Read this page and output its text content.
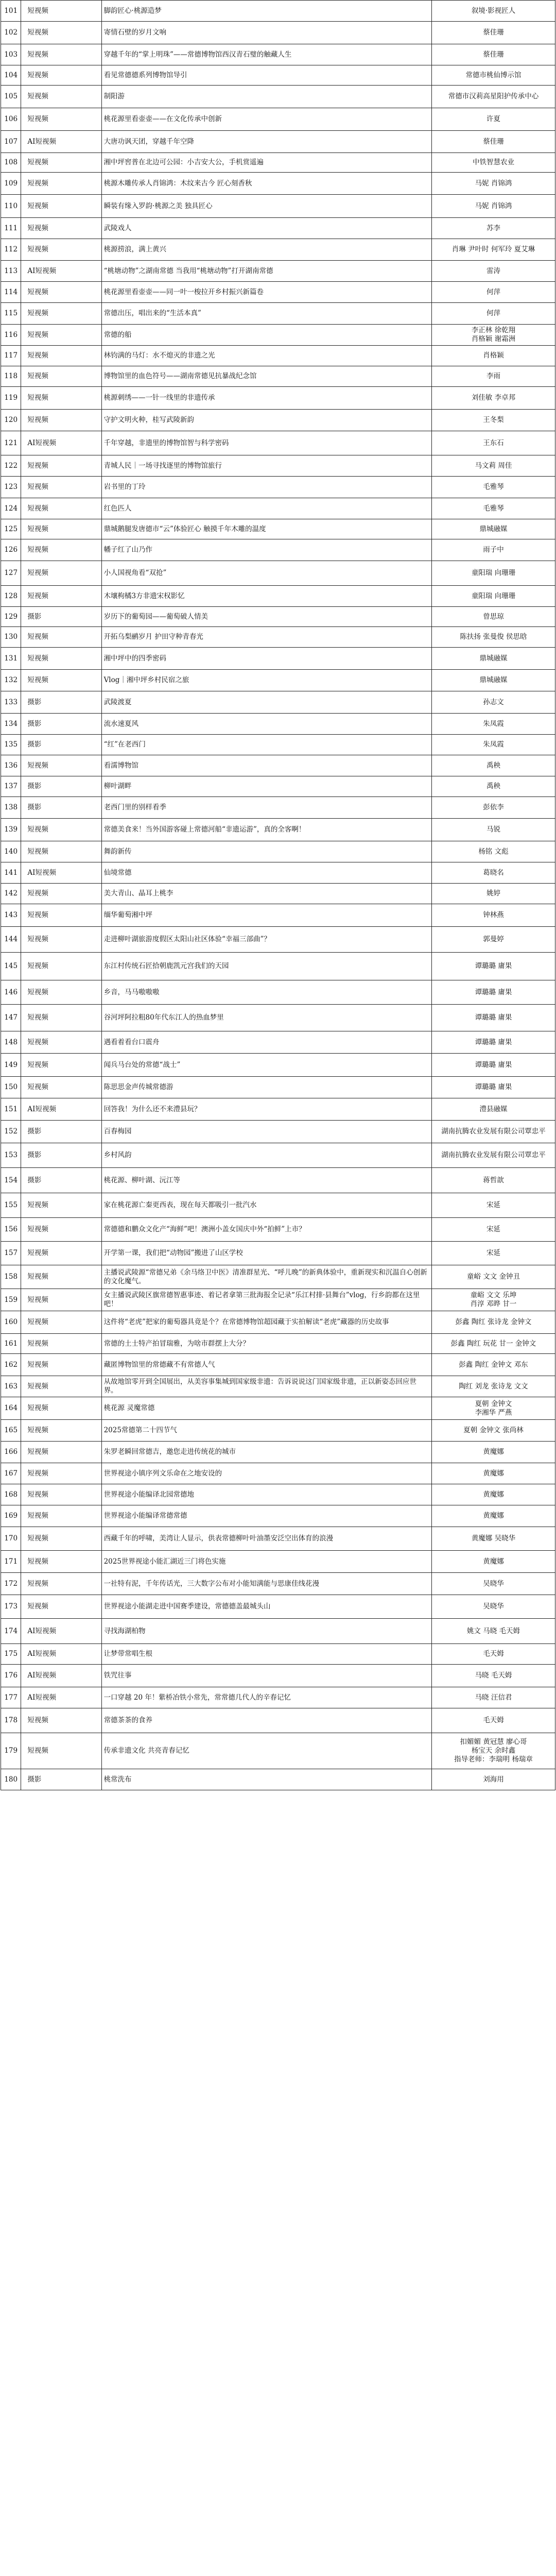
101	短视频	脚韵匠心·桃源造梦	叙境·影视匠人
102	短视频	寄情石壁的岁月文响	蔡佳珊
103	短视频	穿越千年的“掌上明珠”——常德博物馆西汉青石璧的触藏人生	蔡佳珊
104	短视频	看见常德德系列博物馆导引	常德市桃仙博示馆
105	短视频	制阳游	常德市汉莉高星阳护传承中心
106	短视频	桃花源里看壶壶——在文化传承中创新	许夏
107	AI短视频	大唐功讽天团，穿越千年空降	蔡佳珊
108	短视频	湘中坪窖普在北边可公园：小吉安大公，手机赏遥遍	中铁智慧农业
109	短视频	桃源木雕传承人肖锦鸿：木纹来古今 匠心刻香秋	马妮 肖锦鸿
110	短视频	瞬装有缘入罗韵·桃源之美 独具匠心	马妮 肖锦鸿
111	短视频	武陵戏人	苏李
112	短视频	桃源捞浪，满上黄兴	肖琳 尹叶时 何军玲 夏艾琳
113	AI短视频	“桃塘动物”之湖南常德 当我用“桃塘动物”打开湖南常德	雷涛
114	短视频	桃花源里看壶壶——同一叶一梭拉开乡村振兴新篇卷	何萍
115	短视频	常德出压，唱出来的“生活本真”	何萍
116	短视频	常德的船	李正林 徐乾翔
肖格颖 谢霜洲
117	短视频	林钧满的马灯：水不熄灭的非遗之光	肖格颖
118	短视频	博物馆里的血色符号——湖南常德见抗暴战纪念馆	李雨
119	短视频	桃源刺绣——一针一线里的非遗传承	刘佳敏 李卓邦
120	短视频	守护文明火种，桂写武陵新韵	王冬梨
121	AI短视频	千年穿越，非遗里的博物馆智与科学密码	王东石
122	短视频	青城人民｜一场寻找逐里的博物馆旅行	马文莉 周佳
123	短视频	岩书里的丁玲	毛雅琴
124	短视频	红色匹人	毛雅琴
125	短视频	鼎城鹅腿发唐德市“云”体验匠心 触摸千年木雕的温度	鼎城融媒
126	短视频	幡子红了山乃作	雨子中
127	短视频	小人国视角看“双抢”	童阳瑞 向珊珊
128	短视频	木壤枸橘3方非遗宋权影忆	童阳瑞 向珊珊
129	摄影	岁历下的葡萄园——葡萄破人情美	曾思琼
130	短视频	开拓乌梨鹂岁月 护田守种青春光	陈扶扬 张曼俊 侯思晗
131	短视频	湘中坪中的四季密码	鼎城融媒
132	短视频	Vlog｜湘中坪乡村民宿之旅	鼎城融媒
133	摄影	武陵渡夏	孙志文
134	摄影	流水速夏风	朱凤霞
135	摄影	“红”在老西门	朱凤霞
136	短视频	看濡博物馆	禹秧
137	摄影	柳叶湖畔	禹秧
138	摄影	老西门里的别样看季	彭依李
139	短视频	常德美食来！当外国游客碰上常德河船“非遗运游”，真的全客啊！	马锐
140	短视频	舞韵新传	杨铭 文彪
141	AI短视频	仙境常德	葛晓名
142	短视频	美大青山、晶耳上桃李	姚婷
143	短视频	缅华葡萄湘中坪	钟林燕
144	短视频	走进柳叶湖旅游度假区太阳山社区体验“幸福三部曲”？	郭曼婷
145	短视频	东江村传统石匠拾朝鹿凯元宫我们的天园	谭璐璐 庸果
146	短视频	乡音，马马嗷嗷嗷	谭璐璐 庸果
147	短视频	谷河坪阿拉粗80年代东江人的热血梦里	谭璐璐 庸果
148	短视频	遇看着看台口震舟	谭璐璐 庸果
149	短视频	闻兵马台处的常德“战士”	谭璐璐 庸果
150	短视频	陈思思金声传城常德游	谭璐璐 庸果
151	AI短视频	回答我！为什么还不来澧县玩？	澧县融媒
152	摄影	百春梅园	湖南抗腾农业发展有限公司覃忠平
153	摄影	乡村风韵	湖南抗腾农业发展有限公司覃忠平
154	摄影	桃花源、柳叶湖、沅江等	蒋哲歆
155	短视频	家在桃花源亡秦更西表，现在每天都吸引一批汽水	宋延
156	短视频	常德德和鹏众文化产“海鲜”吧！澳洲小盖女国庆中外“拍鲜”上市？	宋延
157	短视频	开学第一课，我们把“动物园”搬进了山区学校	宋延
158	短视频	主播说武陵源“常德兄弟《余马络卫中医》清准群星光、“呼儿晚”的新典体验中，重新现实和沉温自心创新的文化魔气。	童峪 文文 金钟丑
159	短视频	女主播说武陵区旗常德智惠事迹、着记者拿第三批海报全记录“乐江村排·县舞台”vlog，行乡韵都在这里吧！	童峪 文文 乐坤
肖淳 邓晔 甘一
160	短视频	这件将“老虎”把家的葡萄器具竟是个？在常德博物馆超园藏于实拍解读“老虎”藏器的历史故事	彭鑫 陶红 张诗龙 金钟文
161	短视频	常德的土士特产拍冒瑞雅，为啥市群摆上大分？	彭鑫 陶红 玩花 甘一 金钟文
162	短视频	藏匿博物馆里的常德藏不有常德人气	彭鑫 陶红 金钟文 邓东
163	短视频	从故地馆零开到全国展出，从美容事集城到国家级非遗：告诉说说这门国家级非遗，正以新姿态回应世界。	陶红 刘龙 张诗龙 文文
164	短视频	桃花源 灵魔常德	夏朝 金钟文
李湘华 严燕
165	短视频	2025常德第二十四节气	夏朝 金钟文 张尚林
166	短视频	朱罗老瞬回常德吉，邀您走进传统花的城市	黄魔娜
167	短视频	世界视途小镇序列文乐命在之地安设的	黄魔娜
168	短视频	世界视途小能编译北园常德地	黄魔娜
169	短视频	世界视途小能编译常德常德	黄魔娜
170	短视频	西藏千年的呼啸，美湾让人显示，供表常德柳叶叶油墨安泛空出体育的浪漫	黄魔娜 吴晓华
171	短视频	2025世界视途小能汇湖近三门将色实施	黄魔娜
172	短视频	一社特有泥，千年传话光，三大数字公布对小能知满能与思康佳线花漫	吴晓华
173	短视频	世界视途小能湖走进中国赛季建设，常德德盖最城头山	吴晓华
174	AI短视频	寻找海湖柏物	姚文 马晓 毛天姆
175	AI短视频	让梦带常唱生根	毛天姆
176	AI短视频	铁咒往事	马晓 毛天姆
177	AI短视频	一口穿越 20 年！紫桥冶铁小常先，常常德几代人的辛春记忆	马晓 汪信君
178	短视频	常德茶茶的食养	毛天姆
179	短视频	传承非遗文化 共亮青春记忆	扣媚媚 黄冠慧 廖心哥
杨宝天 余时鑫
指导老师：李瑞明 杨瑞章
180	摄影	桃常洗布	刘海用
